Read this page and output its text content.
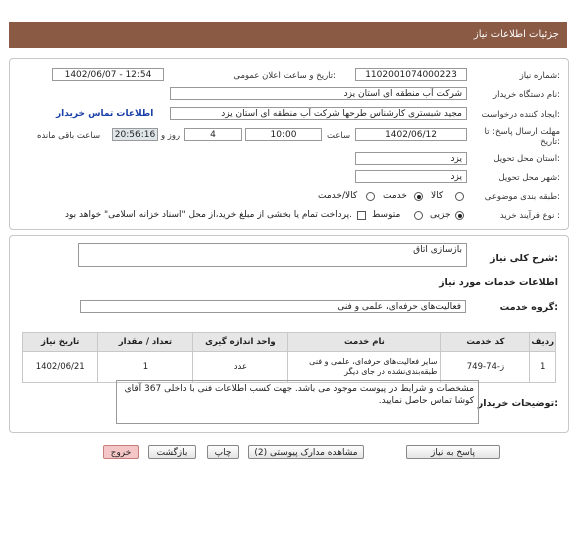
جزئیات اطلاعات نیاز
شماره نیاز:
1102001074000223
تاریخ و ساعت اعلان عمومی:
1402/06/07 - 12:54
نام دستگاه خریدار:
شرکت آب منطقه ای استان یزد
ایجاد کننده درخواست:
مجید شبستری کارشناس طرحها شرکت آب منطقه ای استان یزد
اطلاعات تماس خریدار
مهلت ارسال پاسخ: تا تاریخ:
1402/06/12
ساعت
10:00
4
روز و
20:56:16
ساعت باقی مانده
استان محل تحویل:
یزد
شهر محل تحویل:
یزد
طبقه بندی موضوعی:
کالا
خدمت
کالا/خدمت
نوع فرآیند خرید :
جزیی
متوسط
پرداخت تمام یا بخشی از مبلغ خرید،از محل "اسناد خزانه اسلامی" خواهد بود.
شرح کلی نیاز:
بازسازی اتاق
اطلاعات خدمات مورد نیاز
گروه خدمت:
فعالیت‌های حرفه‌ای، علمی و فنی
ردیف	کد خدمت	نام خدمت	واحد اندازه گیری	تعداد / مقدار	تاریخ نیاز
1	ز-74-749	سایر فعالیت‌های حرفه‌ای، علمی و فنی طبقه‌بندی‌نشده در جای دیگر	عدد	1	1402/06/21
توضیحات خریدار:
مشخصات و شرایط در پیوست موجود می باشد. جهت کسب اطلاعات فنی با داخلی 367 آقای کوشا تماس حاصل نمایید.
پاسخ به نیاز
مشاهده مدارک پیوستی (2)
چاپ
بازگشت
خروج
